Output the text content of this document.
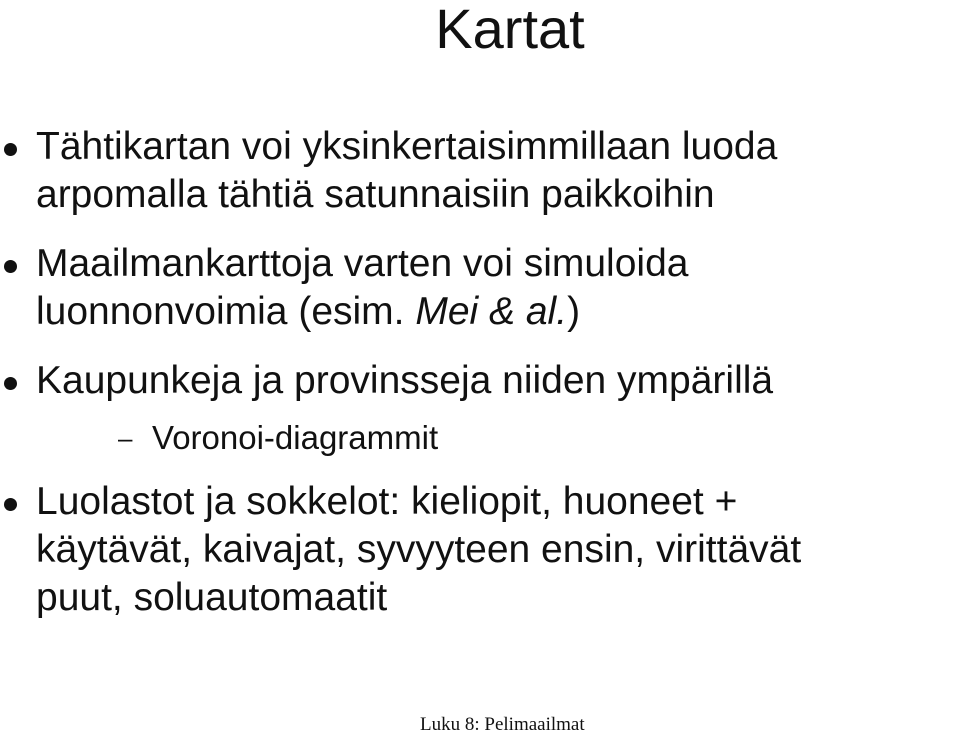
Kartat
Tähtikartan voi yksinkertaisimmillaan luoda
arpomalla tähtiä satunnaisiin paikkoihin
Maailmankarttoja varten voi simuloida
luonnonvoimia (esim. Mei & al.)
Kaupunkeja ja provinsseja niiden ympärillä
– Voronoi-diagrammit
Luolastot ja sokkelot: kieliopit, huoneet +
käytävät, kaivajat, syvyyteen ensin, virittävät
puut, soluautomaatit
Luku 8: Pelimaailmat
